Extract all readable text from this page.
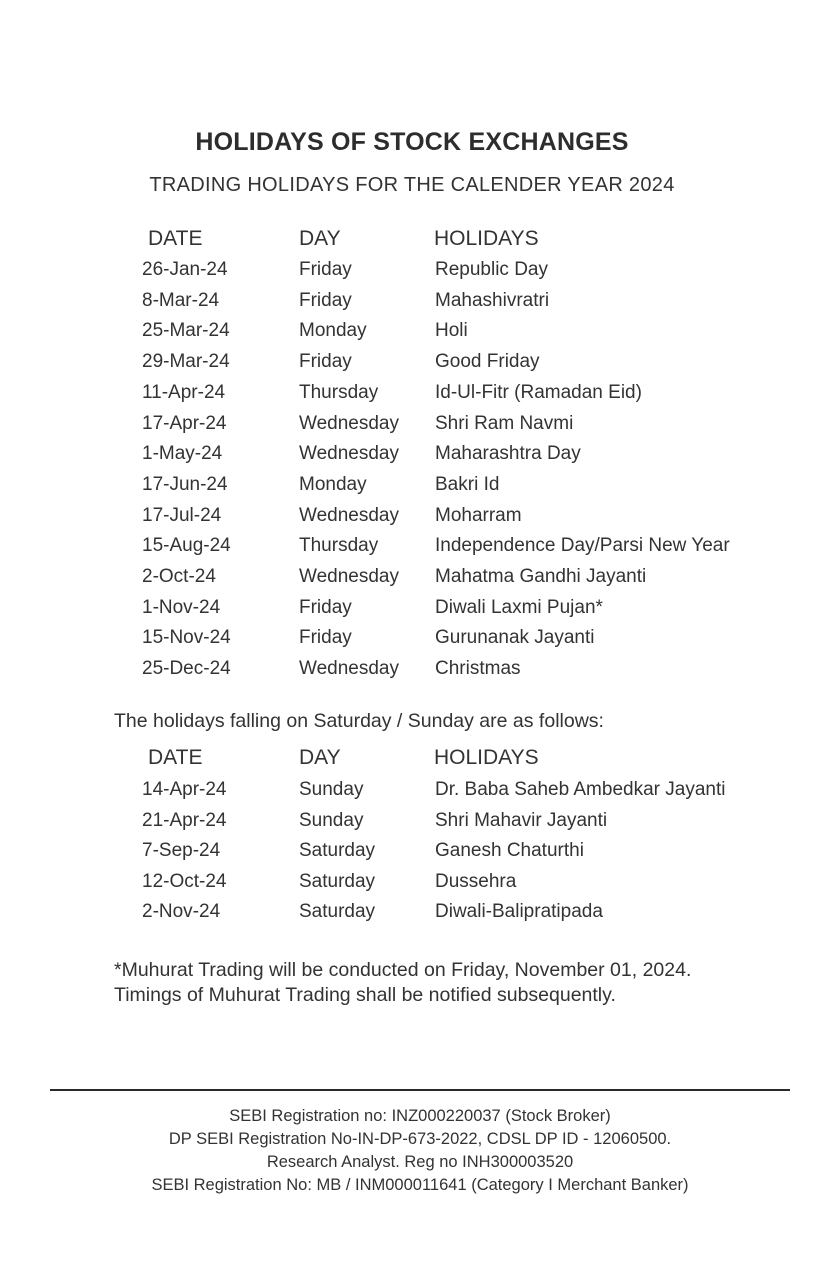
HOLIDAYS OF STOCK EXCHANGES
TRADING HOLIDAYS FOR THE CALENDER YEAR 2024
DATE	DAY	HOLIDAYS
26-Jan-24	Friday	Republic Day
8-Mar-24	Friday	Mahashivratri
25-Mar-24	Monday	Holi
29-Mar-24	Friday	Good Friday
11-Apr-24	Thursday	Id-Ul-Fitr (Ramadan Eid)
17-Apr-24	Wednesday Shri Ram Navmi
1-May-24	Wednesday Maharashtra Day
17-Jun-24	Monday	Bakri Id
17-Jul-24	Wednesday Moharram
15-Aug-24	Thursday	Independence Day/Parsi New Year
2-Oct-24	Wednesday Mahatma Gandhi Jayanti
1-Nov-24	Friday	Diwali Laxmi Pujan*
15-Nov-24	Friday	Gurunanak Jayanti
25-Dec-24	Wednesday Christmas
The holidays falling on Saturday / Sunday are as follows:
DATE	DAY	HOLIDAYS
14-Apr-24	Sunday	Dr. Baba Saheb Ambedkar Jayanti
21-Apr-24	Sunday	Shri Mahavir Jayanti
7-Sep-24	Saturday	Ganesh Chaturthi
12-Oct-24	Saturday	Dussehra
2-Nov-24	Saturday	Diwali-Balipratipada
*Muhurat Trading will be conducted on Friday, November 01, 2024.
Timings of Muhurat Trading shall be notified subsequently.
SEBI Registration no: INZ000220037 (Stock Broker)
DP SEBI Registration No-IN-DP-673-2022, CDSL DP ID - 12060500.
Research Analyst. Reg no INH300003520
SEBI Registration No: MB / INM000011641 (Category I Merchant Banker)
